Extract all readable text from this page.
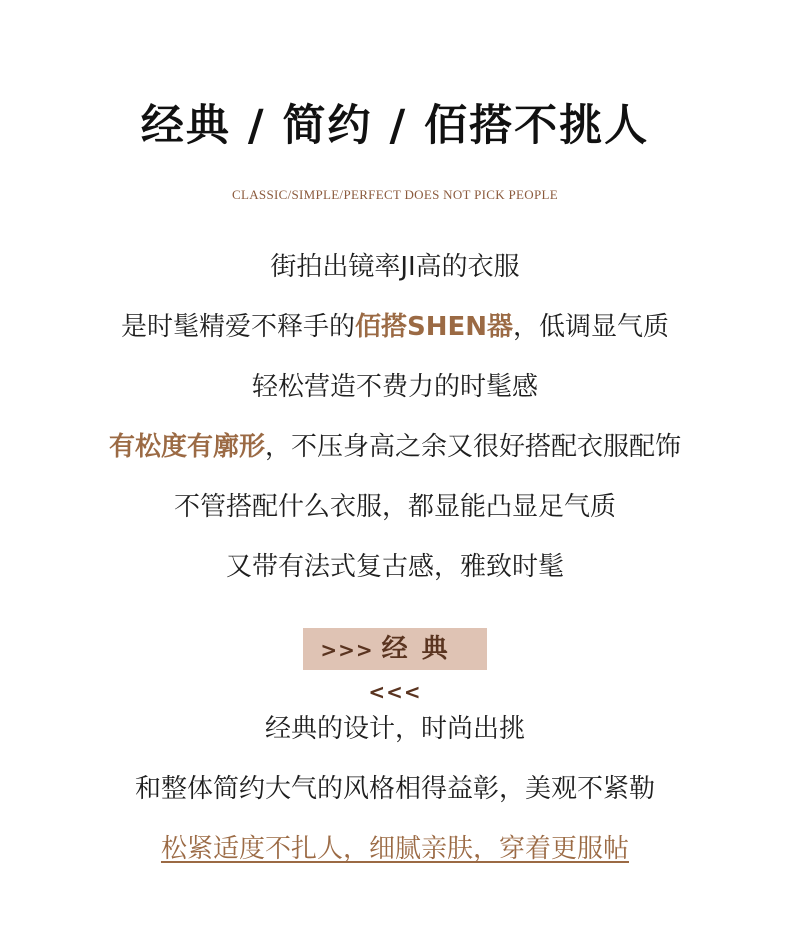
经典 / 简约 / 佰搭不挑人
CLASSIC/SIMPLE/PERFECT DOES NOT PICK PEOPLE
街拍出镜率JI高的衣服
是时髦精爱不释手的佰搭SHEN器，低调显气质
轻松营造不费力的时髦感
有松度有廓形，不压身高之余又很好搭配衣服配饰
不管搭配什么衣服，都显能凸显足气质
又带有法式复古感，雅致时髦
>>> 经典<<<
经典的设计，时尚出挑
和整体简约大气的风格相得益彰，美观不紧勒
松紧适度不扎人，细腻亲肤，穿着更服帖
